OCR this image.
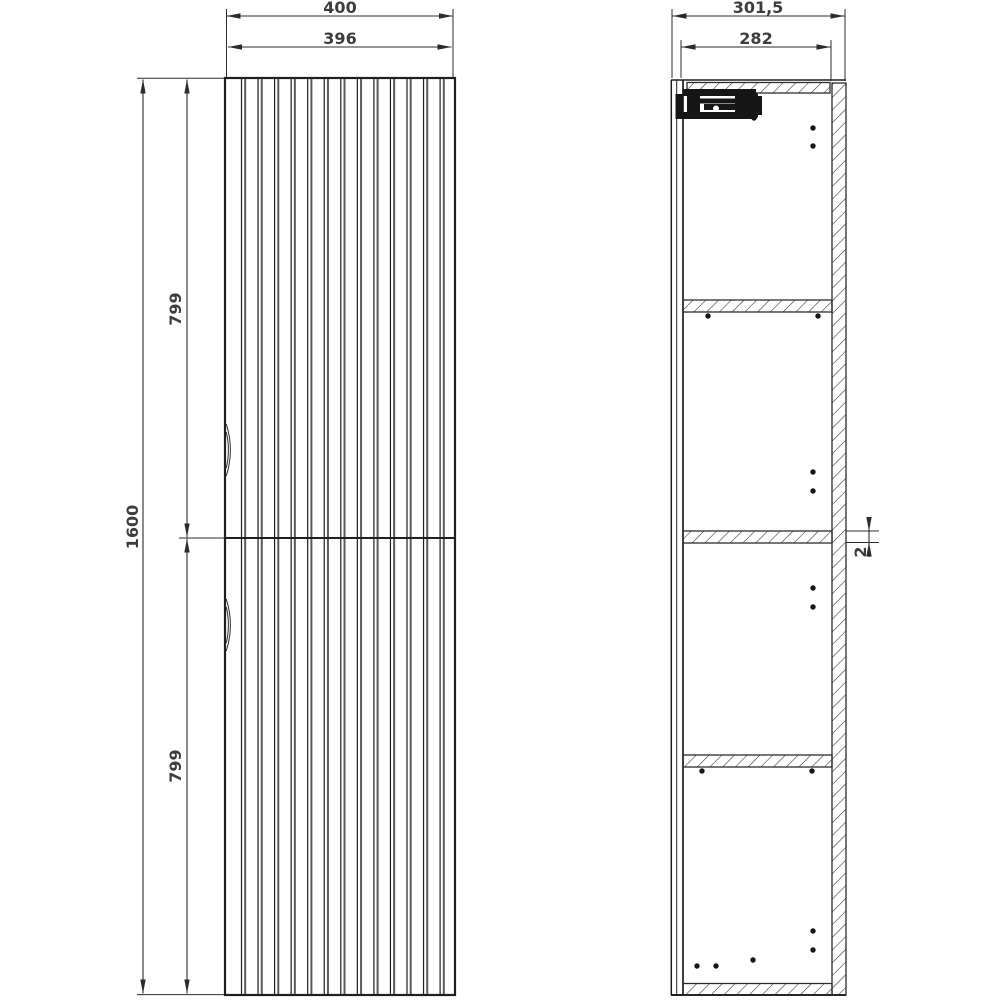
400
396
1600
799
799
301,5
282
2
